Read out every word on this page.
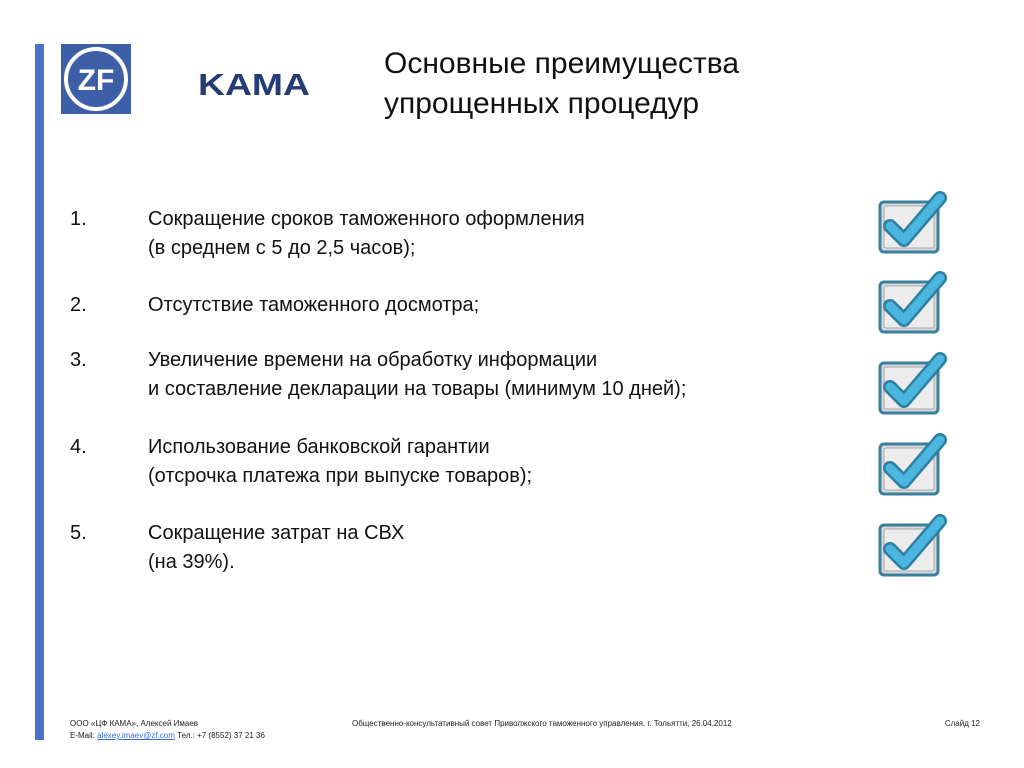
ZF	KAMA
Основные преимущества
упрощенных процедур
1.	Сокращение сроков таможенного оформления
(в среднем с 5 до 2,5 часов);
2.	Отсутствие таможенного досмотра;
3.	Увеличение времени на обработку информации
и составление декларации на товары (минимум 10 дней);
4.	Использование банковской гарантии
(отсрочка платежа при выпуске товаров);
5.	Сокращение затрат на СВХ
(на 39%).
ООО «ЦФ КАМА», Алексей Имаев
E-Mail: alexey.imaev@zf.com Тел.: +7 (8552) 37 21 36
Общественно-консультативный совет Приволжского таможенного управления. г. Тольятти, 26.04.2012	Слайд 12
